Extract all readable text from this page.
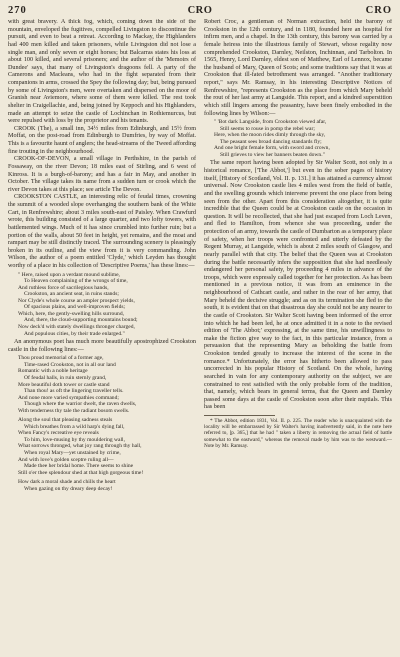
270	CRO	CRO

with great bravery. A thick fog, which, coming down the side of the mountain, enveloped the fugitives, compelled Livingston to discontinue the pursuit, and even to beat a retreat. According to Mackay, the Highlanders had 400 men killed and taken prisoners, while Livingston did not lose a single man, and only seven or eight horses; but Balcarras states his loss at about 100 killed, and several prisoners; and the author of the 'Memoirs of Dundee' says, that many of Livingston's dragoons fell. A party of the Camerons and Macleans, who had in the fight separated from their companions in arms, crossed the Spey the following day; but, being pursued by some of Livingston's men, were overtaken and dispersed on the moor of Granish near Aviemore, where some of them were killed. The rest took shelter in Craigellachie, and, being joined by Keppoch and his Highlanders, made an attempt to seize the castle of Lochinchan in Rothiemurcus, but were repulsed with loss by the proprietor and his tenants.

CROOK (The), a small inn, 34½ miles from Edinburgh, and 15½ from Moffat, on the post-road from Edinburgh to Dumfries, by way of Moffat. This is a favourite haunt of anglers; the head-streams of the Tweed affording fine trouting in the neighbourhood.

CROOK-OF-DEVON, a small village in Perthshire, in the parish of Fossaway, on the river Devon; 18 miles east of Stirling, and 6 west of Kinross. It is a burgh-of-barony; and has a fair in May, and another in October. The village takes its name from a sudden turn or crook which the river Devon takes at this place; see article The Devon.

CROOKSTON CASTLE, an interesting relic of feudal times, crowning the summit of a wooded slope overhanging the southern bank of the White Cart, in Renfrewshire; about 3 miles south-east of Paisley. When Crawfurd wrote, this building consisted of a large quarter, and two lofty towers, with battlemented wings. Much of it has since crumbled into further ruin; but a portion of the walls, about 50 feet in height, yet remains, and the moat and rampart may be still distinctly traced. The surrounding scenery is pleasingly broken in its outline, and the view from it is very commanding. John Wilson, the author of a poem entitled 'Clyde,' which Leyden has thought worthy of a place in his collection of 'Descriptive Poems,' has these lines:—

" Here, raised upon a verdant mound sublime,
To Heaven complaining of the wrongs of time,
And ruthless force of sacrilegious hands,
Crookston, an ancient seat, in ruins stands;
Nor Clyde's whole course an ampler prospect yields,
Of spacious plains, and well-improven fields;
Which, here, the gently-swelling hills surround,
And, there, the cloud-supporting mountains bound;
Now deck'd with stately dwellings thronger charged,
And populous cities, by their trade enlarged."

An anonymous poet has much more beautifully apostrophized Crookston castle in the following lines:—

Thou proud memorial of a former age,
Time-rased Crookston, not in all our land
Romantic with a noble heritage
Of feudal halls, in ruin sternly grand,
More beautiful doth tower or castle stand
Than thou! as oft the lingering traveller tells.
And none more varied sympathies command;
Though where the warrior dwelt, the raven dwells,
With tenderness thy tale the radiant bosom swells.
Along the soul that pleasing sadness steals
Which breathes from a wild harp's dying fall,
When Fancy's recreative eye reveals
To him, love-musing by thy mouldering wall,
What sorrows thronged, what joy rang through thy hall,
When royal Mary—yet unstained by crime,
And with love's golden sceptre ruling all—
Made thee her bridal home. There seems to shine
Still o'er thee splendour shed at that high gorgeous time!
How dark a moral shade and chills the heart
When gazing on thy dreary deep decay!

Robert Croc, a gentleman of Norman extraction, held the barony of Crookston in the 12th century, and in 1180, founded here an hospital for infirm men, and a chapel. In the 13th century, this barony was carried by a female heiress into the illustrious family of Stewart, whose regality now comprehended Crookston, Darnley, Neilston, Inchinnan, and Tarbolton. In 1565, Henry, Lord Darnley, eldest son of Matthew, Earl of Lennox, became the husband of Mary, Queen of Scots; and some traditions say that it was at Crookston that ill-fated betrothment was arranged. "Another traditionary report," says Mr. Ramsay, in his interesting Descriptive Notices of Renfrewshire, "represents Crookston as the place from which Mary beheld the rout of her last army at Langside. This report, and a kindred superstition which still lingers among the peasantry, have been finely embodied in the following lines by Wilson:—

" 'Bot dark Langside, from Crookston viewed afar,
Still seems to rouse in pomp the rebel war;
Here, when the moon rides dimly through the sky,
The peasant sees broad dancing standards fly;
And one bright female form, with sword and crown,
Still grieves to view her banners beaten down."

The same report having been adopted by Sir Walter Scott, not only in a historical romance, ['The Abbot,'] but even in the sober pages of history itself, [History of Scotland, Vol. II. p. 131.] it has attained a currency almost universal. Now Crookston castle lies 4 miles west from the field of battle, and the swelling grounds which intervene prevent the one place from being seen from the other. Apart from this consideration altogether, it is quite incredible that the Queen could be at Crookston castle on the occasion in question. It will be recollected, that she had just escaped from Loch Leven, and fled to Hamilton, from whence she was proceeding, under the protection of an army, towards the castle of Dumbarton as a temporary place of safety, when her troops were confronted and utterly defeated by the Regent Murray, at Langside, which is about 2 miles south of Glasgow, and nearly parallel with that city. The belief that the Queen was at Crookston during the battle necessarily infers the supposition that she had needlessly endangered her personal safety, by proceeding 4 miles in advance of the troops, which were expressly called together for her protection. As has been mentioned in a previous notice, it was from an eminence in the neighbourhood of Cathcart castle, and rather in the rear of her army, that Mary beheld the decisive struggle; and as on its termination she fled to the south, it is evident that on that disastrous day she could not be any nearer to the castle of Crookston. Sir Walter Scott having been informed of the error into which he had been led, he at once admitted it in a note to the revised edition of 'The Abbot;' expressing, at the same time, his unwillingness to make the fiction give way to the fact, in this particular instance, from a persuasion that the representing Mary as beholding the battle from Crookston tended greatly to increase the interest of the scene in the romance.* Unfortunately, the error has hitherto been allowed to pass uncorrected in his popular History of Scotland. On the whole, having searched in vain for any contemporary authority on the subject, we are constrained to rest satisfied with the only probable form of the tradition, that, namely, which bears in general terms, that the Queen and Darnley passed some days at the castle of Crookston soon after their nuptials. This has been

* The Abbot, edition 1831, Vol. II. p. 225. The reader who is unacquainted with the locality will be embarrassed by Sir Walter's having inadvertently said, in the note here referred to, [p. 365,] that he had " taken a liberty in removing the actual field of battle somewhat to the eastward," whereas the removal made by him was to the westward.—Note by Mr. Ramsay.
